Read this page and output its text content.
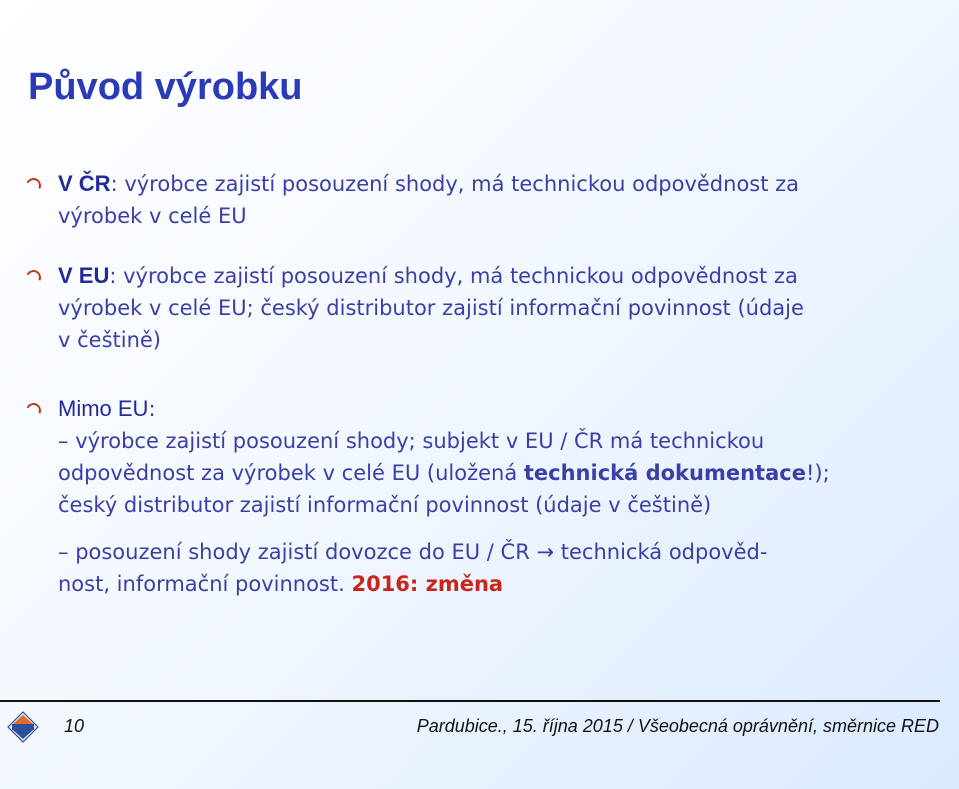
Původ výrobku
V ČR: výrobce zajistí posouzení shody, má technickou odpovědnost za
výrobek v celé EU
V EU: výrobce zajistí posouzení shody, má technickou odpovědnost za
výrobek v celé EU; český distributor zajistí informační povinnost (údaje
v češtině)
Mimo EU:
– výrobce zajistí posouzení shody; subjekt v EU / ČR má technickou
odpovědnost za výrobek v celé EU (uložená technická dokumentace!);
český distributor zajistí informační povinnost (údaje v češtině)
– posouzení shody zajistí dovozce do EU / ČR → technická odpověd-
nost, informační povinnost. 2016: změna
10	Pardubice., 15. října 2015 / Všeobecná oprávnění, směrnice RED
